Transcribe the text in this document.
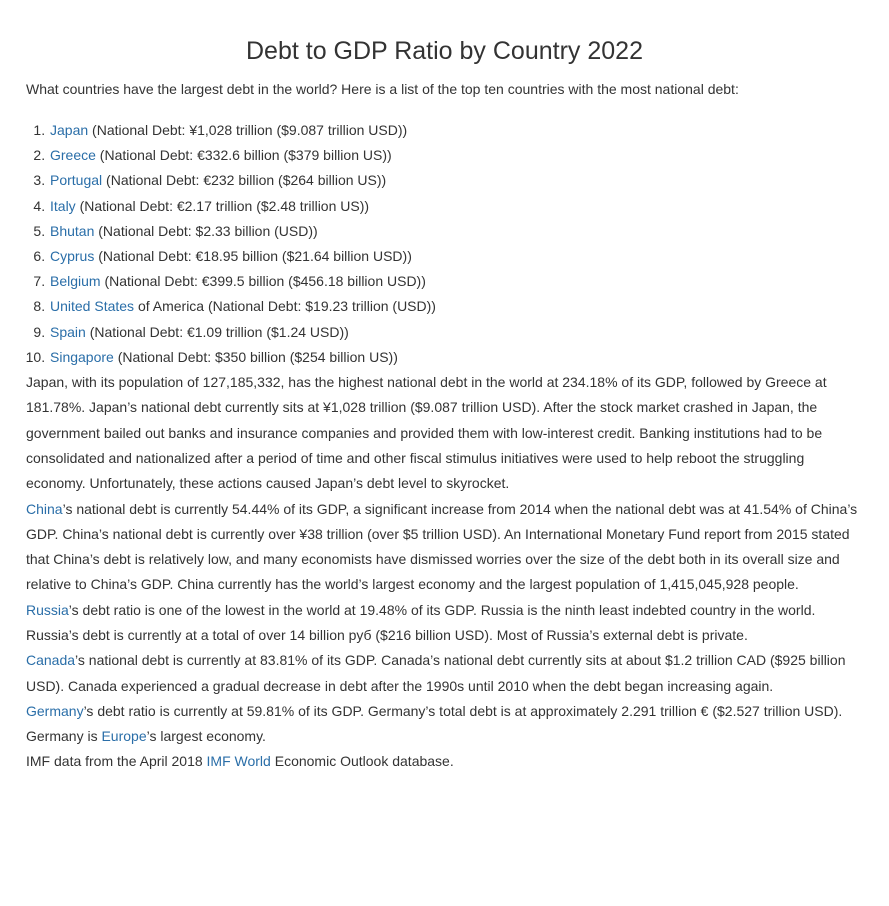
Debt to GDP Ratio by Country 2022

What countries have the largest debt in the world? Here is a list of the top ten countries with the most national debt:

1. Japan (National Debt: ¥1,028 trillion ($9.087 trillion USD))
2. Greece (National Debt: €332.6 billion ($379 billion US))
3. Portugal (National Debt: €232 billion ($264 billion US))
4. Italy (National Debt: €2.17 trillion ($2.48 trillion US))
5. Bhutan (National Debt: $2.33 billion (USD))
6. Cyprus (National Debt: €18.95 billion ($21.64 billion USD))
7. Belgium (National Debt: €399.5 billion ($456.18 billion USD))
8. United States of America (National Debt: $19.23 trillion (USD))
9. Spain (National Debt: €1.09 trillion ($1.24 USD))
10. Singapore (National Debt: $350 billion ($254 billion US))

Japan, with its population of 127,185,332, has the highest national debt in the world at 234.18% of its GDP, followed by Greece at 181.78%. Japan’s national debt currently sits at ¥1,028 trillion ($9.087 trillion USD). After the stock market crashed in Japan, the government bailed out banks and insurance companies and provided them with low-interest credit. Banking institutions had to be consolidated and nationalized after a period of time and other fiscal stimulus initiatives were used to help reboot the struggling economy. Unfortunately, these actions caused Japan’s debt level to skyrocket.

China’s national debt is currently 54.44% of its GDP, a significant increase from 2014 when the national debt was at 41.54% of China’s GDP. China’s national debt is currently over ¥38 trillion (over $5 trillion USD). An International Monetary Fund report from 2015 stated that China’s debt is relatively low, and many economists have dismissed worries over the size of the debt both in its overall size and relative to China’s GDP. China currently has the world’s largest economy and the largest population of 1,415,045,928 people.

Russia’s debt ratio is one of the lowest in the world at 19.48% of its GDP. Russia is the ninth least indebted country in the world. Russia’s debt is currently at a total of over 14 billion руб ($216 billion USD). Most of Russia’s external debt is private.

Canada’s national debt is currently at 83.81% of its GDP. Canada’s national debt currently sits at about $1.2 trillion CAD ($925 billion USD). Canada experienced a gradual decrease in debt after the 1990s until 2010 when the debt began increasing again.

Germany’s debt ratio is currently at 59.81% of its GDP. Germany’s total debt is at approximately 2.291 trillion € ($2.527 trillion USD). Germany is Europe’s largest economy.

IMF data from the April 2018 IMF World Economic Outlook database.
